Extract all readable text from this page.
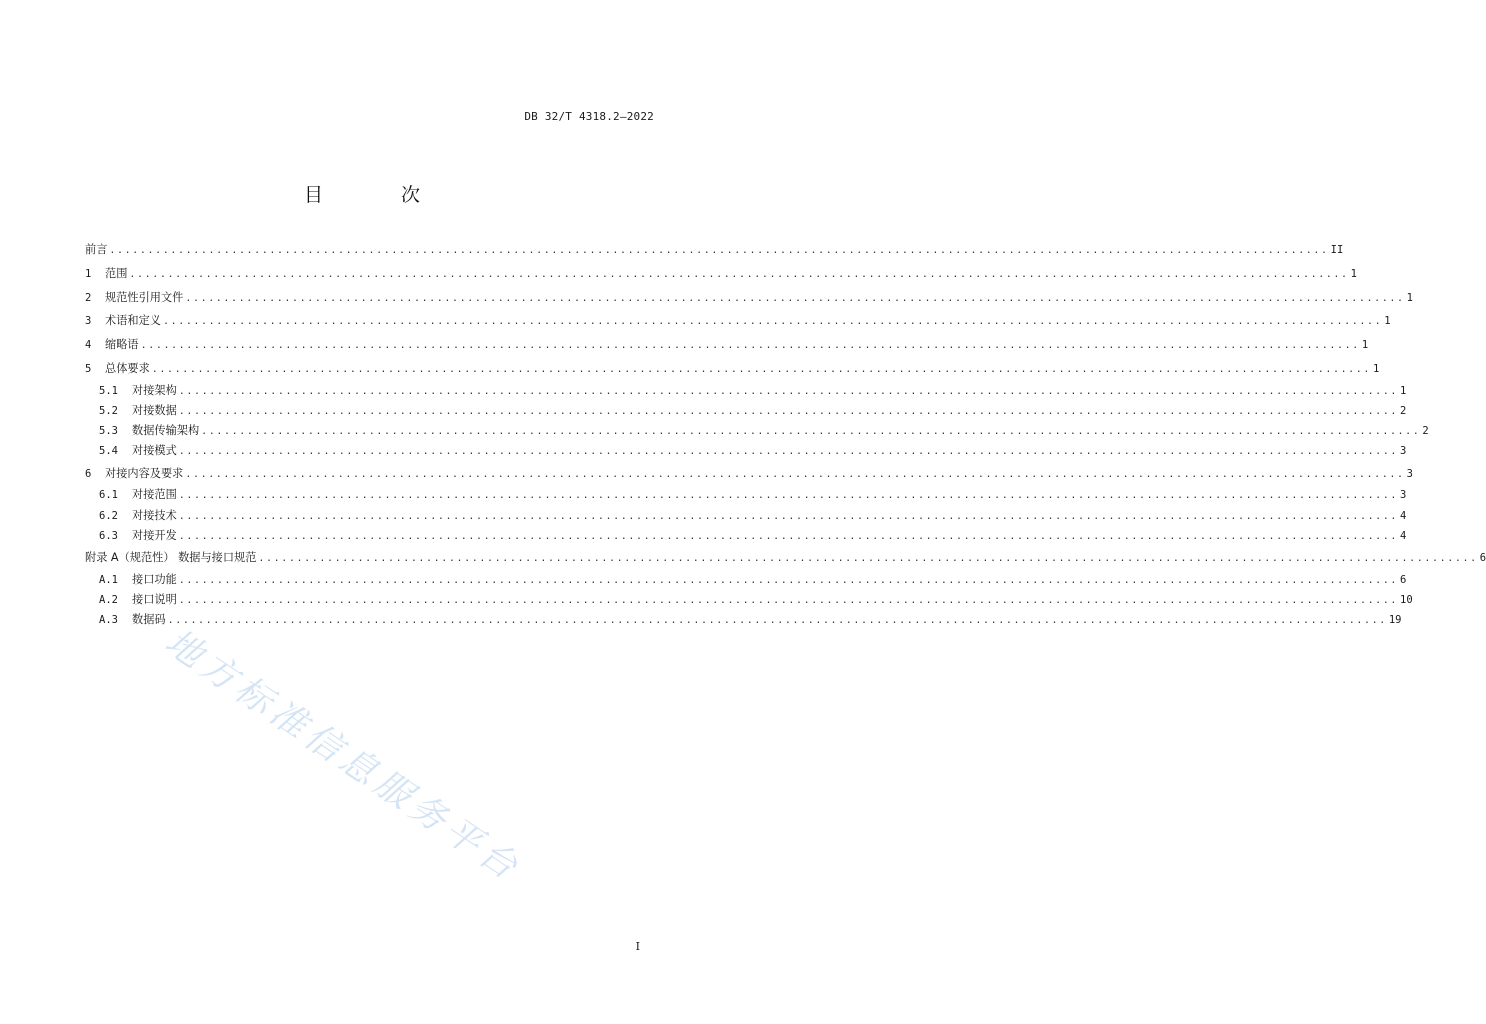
DB 32/T 4318.2—2022
目 次
前言 ................................................................................................................................................................ II
1	范围 ................................................................................................................................................................ 1
2	规范性引用文件 ................................................................................................................................................................ 1
3	术语和定义 ................................................................................................................................................................ 1
4	缩略语 ................................................................................................................................................................ 1
5	总体要求 ................................................................................................................................................................ 1
5.1	对接架构 ................................................................................................................................................................ 1
5.2	对接数据 ................................................................................................................................................................ 2
5.3	数据传输架构 ................................................................................................................................................................ 2
5.4	对接模式 ................................................................................................................................................................ 3
6	对接内容及要求 ................................................................................................................................................................ 3
6.1	对接范围 ................................................................................................................................................................ 3
6.2	对接技术 ................................................................................................................................................................ 4
6.3	对接开发 ................................................................................................................................................................ 4
附录 A（规范性） 数据与接口规范 ................................................................................................................................................................ 6
A.1	接口功能 ................................................................................................................................................................ 6
A.2	接口说明 ................................................................................................................................................................ 10
A.3	数据码 ................................................................................................................................................................ 19
地方标准信息服务平台
I
